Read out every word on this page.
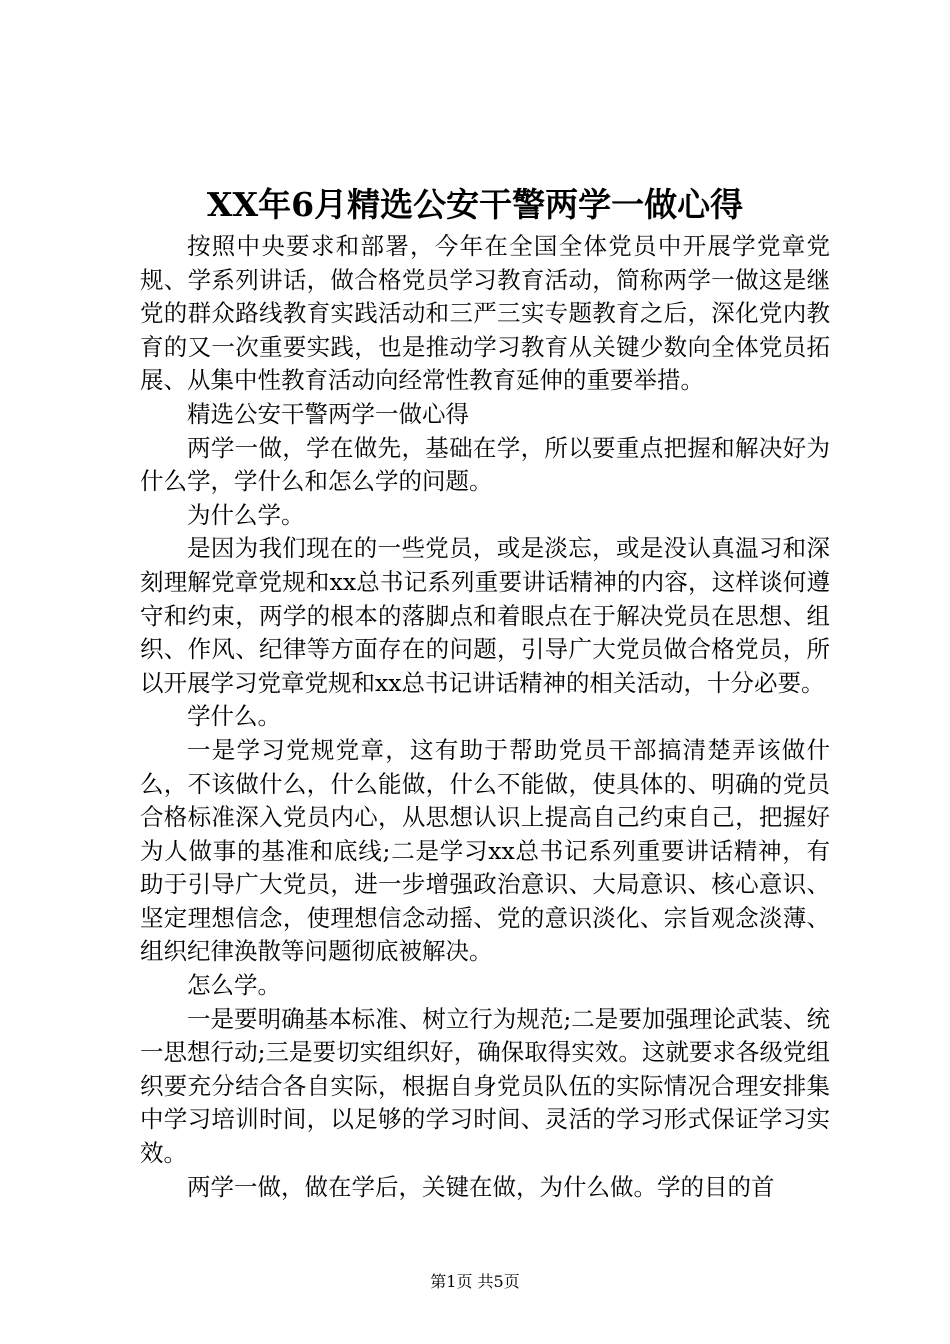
XX年6月精选公安干警两学一做心得

按照中央要求和部署，今年在全国全体党员中开展学党章党规、学系列讲话，做合格党员学习教育活动，简称两学一做这是继党的群众路线教育实践活动和三严三实专题教育之后，深化党内教育的又一次重要实践，也是推动学习教育从关键少数向全体党员拓展、从集中性教育活动向经常性教育延伸的重要举措。

精选公安干警两学一做心得

两学一做，学在做先，基础在学，所以要重点把握和解决好为什么学，学什么和怎么学的问题。

为什么学。

是因为我们现在的一些党员，或是淡忘，或是没认真温习和深刻理解党章党规和xx总书记系列重要讲话精神的内容，这样谈何遵守和约束，两学的根本的落脚点和着眼点在于解决党员在思想、组织、作风、纪律等方面存在的问题，引导广大党员做合格党员，所以开展学习党章党规和xx总书记讲话精神的相关活动，十分必要。

学什么。

一是学习党规党章，这有助于帮助党员干部搞清楚弄该做什么，不该做什么，什么能做，什么不能做，使具体的、明确的党员合格标准深入党员内心，从思想认识上提高自己约束自己，把握好为人做事的基准和底线;二是学习xx总书记系列重要讲话精神，有助于引导广大党员，进一步增强政治意识、大局意识、核心意识、坚定理想信念，使理想信念动摇、党的意识淡化、宗旨观念淡薄、组织纪律涣散等问题彻底被解决。

怎么学。

一是要明确基本标准、树立行为规范;二是要加强理论武装、统一思想行动;三是要切实组织好，确保取得实效。这就要求各级党组织要充分结合各自实际，根据自身党员队伍的实际情况合理安排集中学习培训时间，以足够的学习时间、灵活的学习形式保证学习实效。

两学一做，做在学后，关键在做，为什么做。学的目的首

第1页 共5页
